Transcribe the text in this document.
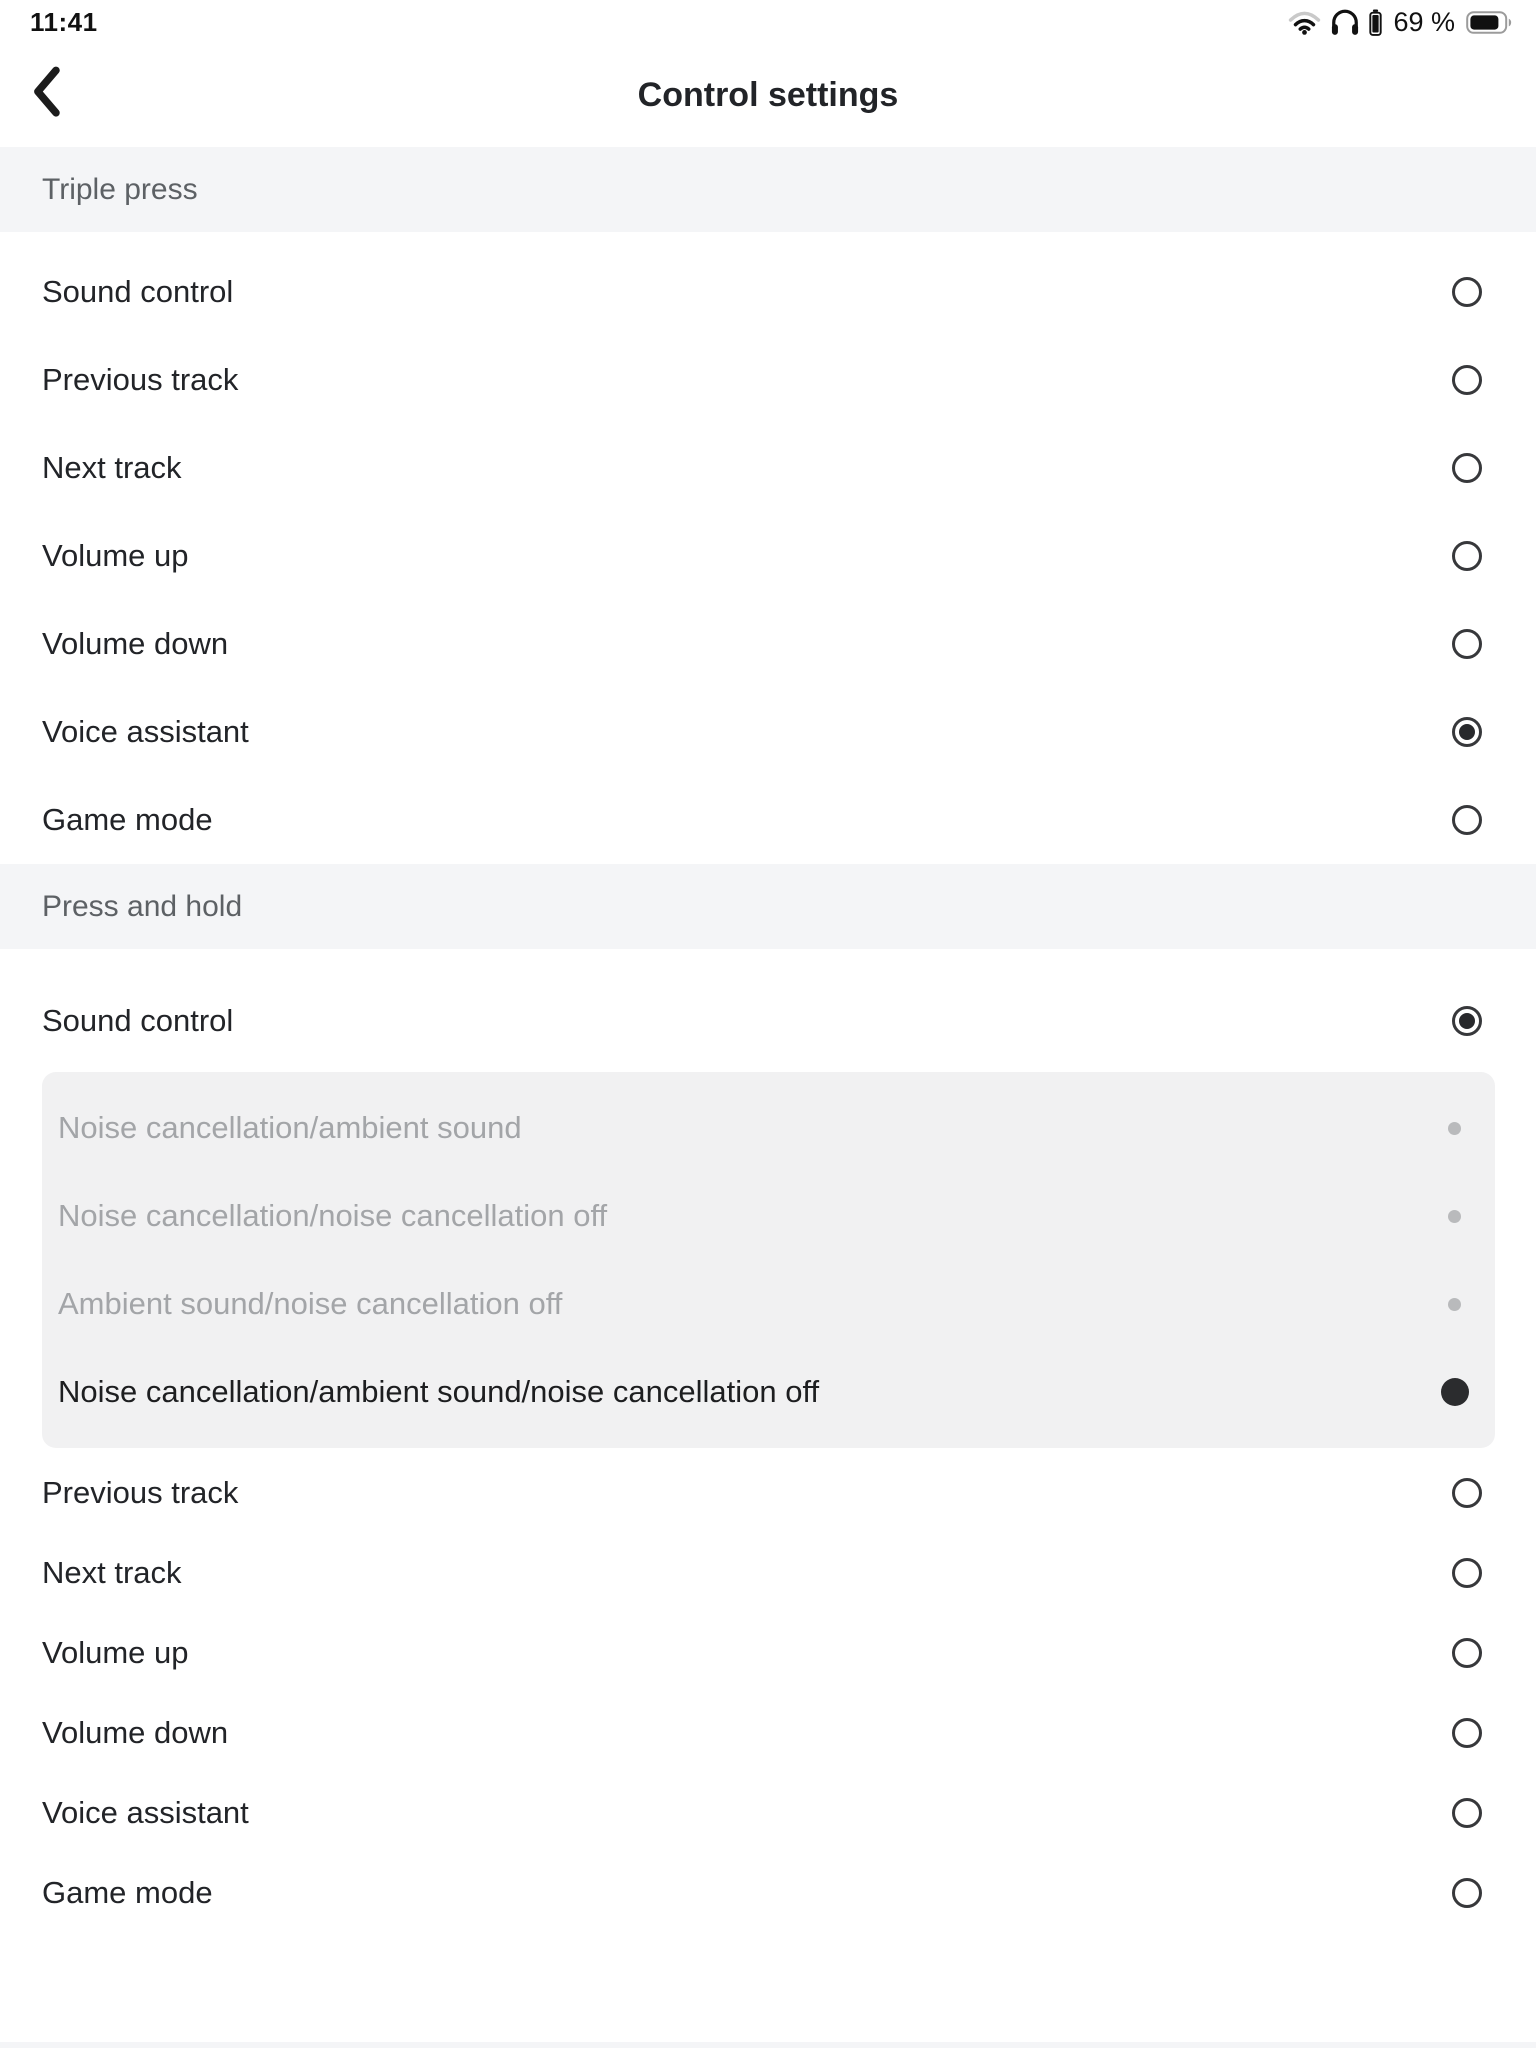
11:41	69 %
Control settings
Triple press
Sound control
Previous track
Next track
Volume up
Volume down
Voice assistant
Game mode
Press and hold
Sound control
Noise cancellation/ambient sound
Noise cancellation/noise cancellation off
Ambient sound/noise cancellation off
Noise cancellation/ambient sound/noise cancellation off
Previous track
Next track
Volume up
Volume down
Voice assistant
Game mode
